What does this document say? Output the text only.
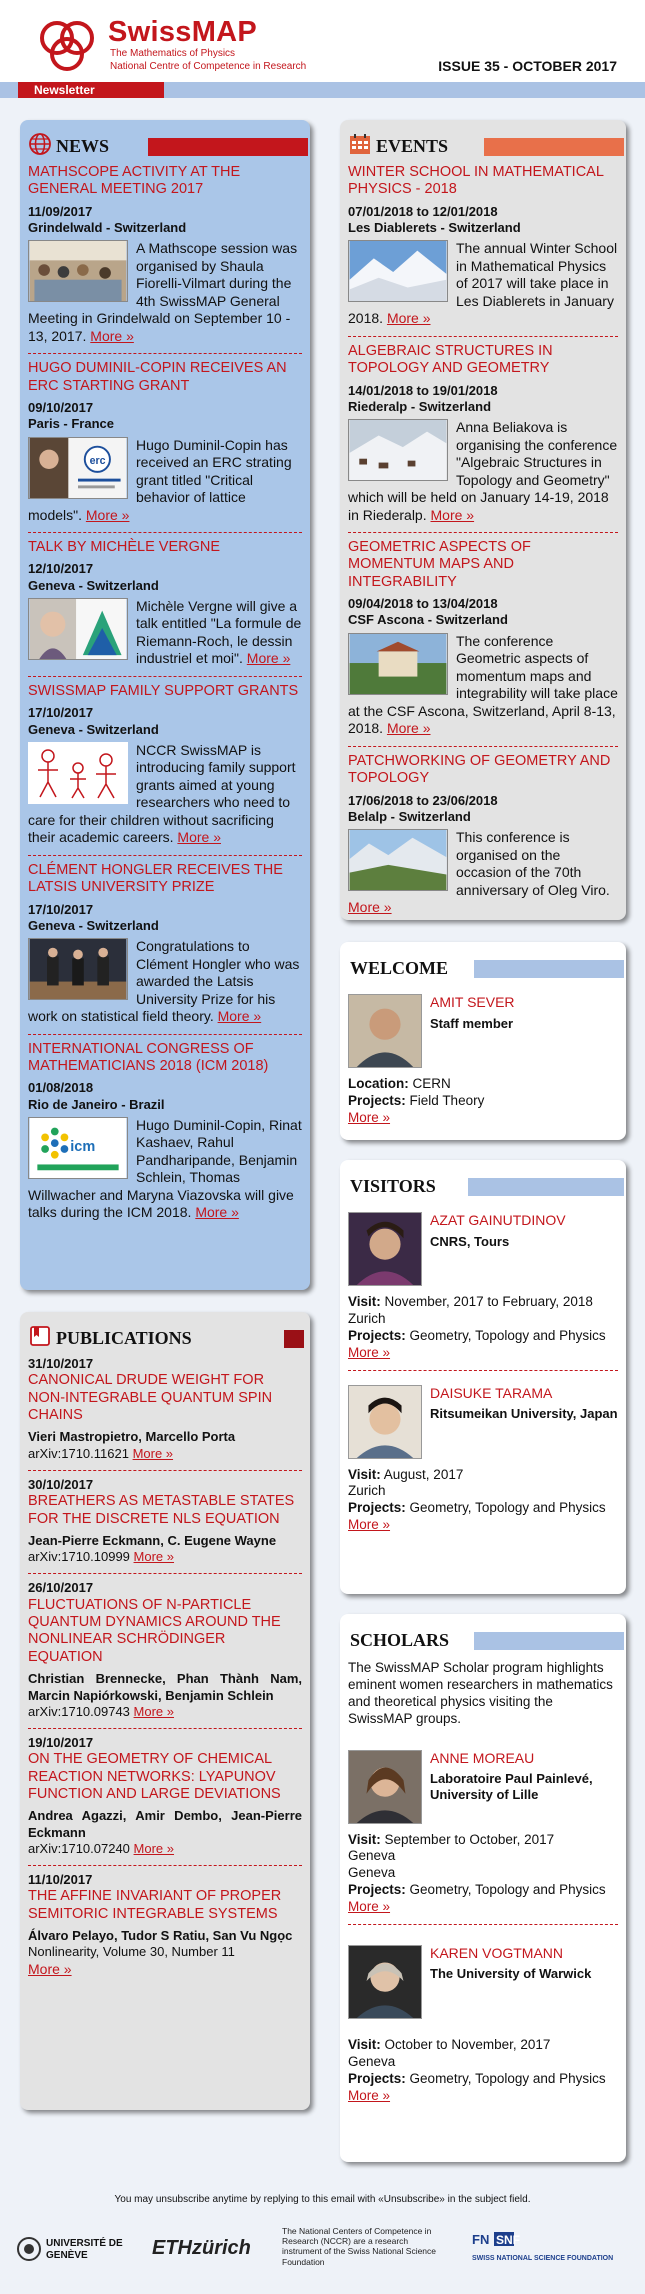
SwissMAP
The Mathematics of Physics
National Centre of Competence in Research	ISSUE 35 - OCTOBER 2017
Newsletter
NEWS
MATHSCOPE ACTIVITY AT THE GENERAL MEETING 2017
11/09/2017
Grindelwald - Switzerland

A Mathscope session was organised by Shaula Fiorelli-Vilmart during the 4th SwissMAP General Meeting in Grindelwald on September 10 - 13, 2017. More »

HUGO DUMINIL-COPIN RECEIVES AN ERC STARTING GRANT
09/10/2017
Paris - France
erc

Hugo Duminil-Copin has received an ERC strating grant titled "Critical behavior of lattice models". More »

TALK BY MICHÈLE VERGNE
12/10/2017
Geneva - Switzerland

Michèle Vergne will give a talk entitled "La formule de Riemann-Roch, le dessin industriel et moi". More »

SWISSMAP FAMILY SUPPORT GRANTS
17/10/2017
Geneva - Switzerland

NCCR SwissMAP is introducing family support grants aimed at young researchers who need to care for their children without sacrificing their academic careers. More »

CLÉMENT HONGLER RECEIVES THE LATSIS UNIVERSITY PRIZE
17/10/2017
Geneva - Switzerland

Congratulations to Clément Hongler who was awarded the Latsis University Prize for his work on statistical field theory. More »

INTERNATIONAL CONGRESS OF MATHEMATICIANS 2018 (ICM 2018)
01/08/2018
Rio de Janeiro - Brazil
icm

Hugo Duminil-Copin, Rinat Kashaev, Rahul Pandharipande, Benjamin Schlein, Thomas Willwacher and Maryna Viazovska will give talks during the ICM 2018. More »

PUBLICATIONS
31/10/2017
CANONICAL DRUDE WEIGHT FOR NON-INTEGRABLE QUANTUM SPIN CHAINS
Vieri Mastropietro, Marcello Porta
arXiv:1710.11621 More »
30/10/2017
BREATHERS AS METASTABLE STATES FOR THE DISCRETE NLS EQUATION
Jean-Pierre Eckmann, C. Eugene Wayne
arXiv:1710.10999 More »
26/10/2017
FLUCTUATIONS OF N-PARTICLE QUANTUM DYNAMICS AROUND THE NONLINEAR SCHRÖDINGER EQUATION
Christian Brennecke, Phan Thành Nam, Marcin Napiórkowski, Benjamin Schlein
arXiv:1710.09743 More »
19/10/2017
ON THE GEOMETRY OF CHEMICAL REACTION NETWORKS: LYAPUNOV FUNCTION AND LARGE DEVIATIONS
Andrea Agazzi, Amir Dembo, Jean-Pierre Eckmann
arXiv:1710.07240 More »
11/10/2017
THE AFFINE INVARIANT OF PROPER SEMITORIC INTEGRABLE SYSTEMS
Álvaro Pelayo, Tudor S Ratiu, San Vu Ngọc
Nonlinearity, Volume 30, Number 11
More »
EVENTS
WINTER SCHOOL IN MATHEMATICAL PHYSICS - 2018
07/01/2018 to 12/01/2018
Les Diablerets - Switzerland

The annual Winter School in Mathematical Physics of 2017 will take place in Les Diablerets in January 2018. More »

ALGEBRAIC STRUCTURES IN TOPOLOGY AND GEOMETRY
14/01/2018 to 19/01/2018
Riederalp - Switzerland

Anna Beliakova is organising the conference "Algebraic Structures in Topology and Geometry" which will be held on January 14-19, 2018 in Riederalp. More »

GEOMETRIC ASPECTS OF MOMENTUM MAPS AND INTEGRABILITY
09/04/2018 to 13/04/2018
CSF Ascona - Switzerland

The conference Geometric aspects of momentum maps and integrability will take place at the CSF Ascona, Switzerland, April 8-13, 2018. More »

PATCHWORKING OF GEOMETRY AND TOPOLOGY
17/06/2018 to 23/06/2018
Belalp - Switzerland

This conference is organised on the occasion of the 70th anniversary of Oleg Viro.

More »
WELCOME
AMIT SEVER
Staff member
Location: CERN
Projects: Field Theory
More »
VISITORS
AZAT GAINUTDINOV
CNRS, Tours
Visit: November, 2017 to February, 2018
Zurich
Projects: Geometry, Topology and Physics
More »
DAISUKE TARAMA
Ritsumeikan University, Japan
Visit: August, 2017
Zurich
Projects: Geometry, Topology and Physics
More »
SCHOLARS

The SwissMAP Scholar program highlights eminent women researchers in mathematics and theoretical physics visiting the SwissMAP groups.

ANNE MOREAU
Laboratoire Paul Painlevé, University of Lille
Visit: September to October, 2017
Geneva
Geneva
Projects: Geometry, Topology and Physics
More »
KAREN VOGTMANN
The University of Warwick
Visit: October to November, 2017
Geneva
Projects: Geometry, Topology and Physics
More »
You may unsubscribe anytime by replying to this email with «Unsubscribe» in the subject field.
UNIVERSITÉ DE GENÈVE	ETHzürich
The National Centers of Competence in Research (NCCR) are a research instrument of the Swiss National Science Foundation
FN SNF
SWISS NATIONAL SCIENCE FOUNDATION
